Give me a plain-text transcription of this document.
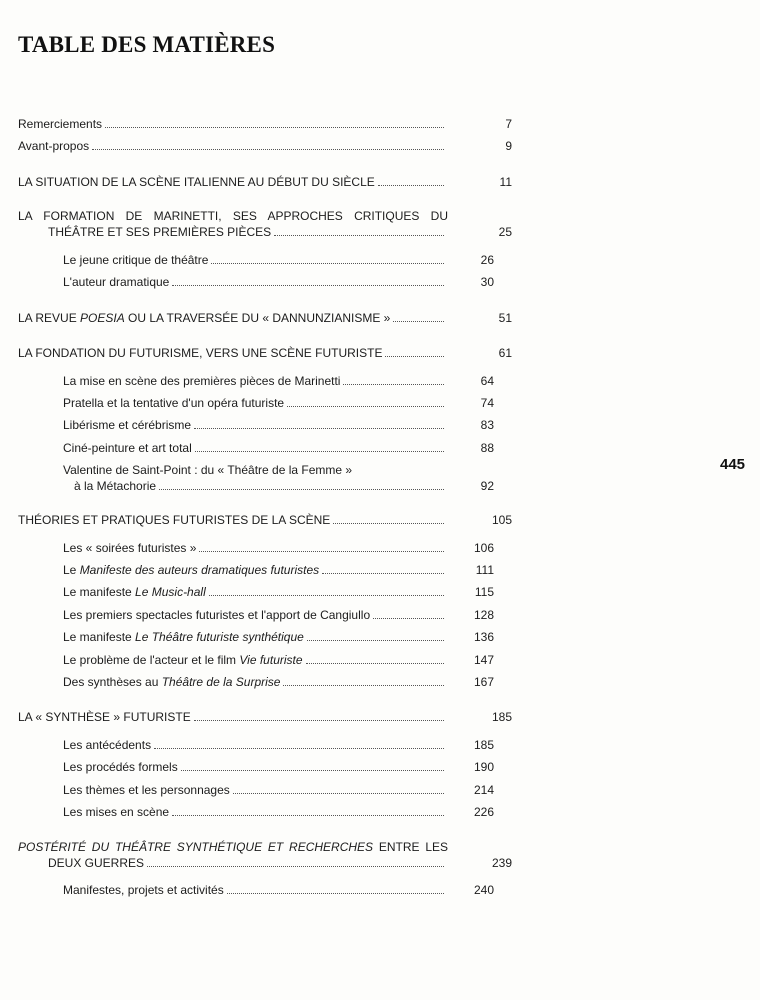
TABLE DES MATIÈRES
445
Remerciements	7
Avant-propos	9
LA SITUATION DE LA SCÈNE ITALIENNE AU DÉBUT DU SIÈCLE	11
LA FORMATION DE MARINETTI, SES APPROCHES CRITIQUES DU
THÉÂTRE ET SES PREMIÈRES PIÈCES	25
Le jeune critique de théâtre	26
L'auteur dramatique	30
LA REVUE POESIA OU LA TRAVERSÉE DU « DANNUNZIANISME »	51
LA FONDATION DU FUTURISME, VERS UNE SCÈNE FUTURISTE	61
La mise en scène des premières pièces de Marinetti	64
Pratella et la tentative d'un opéra futuriste	74
Libérisme et cérébrisme	83
Ciné-peinture et art total	88
Valentine de Saint-Point : du « Théâtre de la Femme »
à la Métachorie	92
THÉORIES ET PRATIQUES FUTURISTES DE LA SCÈNE	105
Les « soirées futuristes »	106
Le Manifeste des auteurs dramatiques futuristes	111
Le manifeste Le Music-hall	115
Les premiers spectacles futuristes et l'apport de Cangiullo	128
Le manifeste Le Théâtre futuriste synthétique	136
Le problème de l'acteur et le film Vie futuriste	147
Des synthèses au Théâtre de la Surprise	167
LA « SYNTHÈSE » FUTURISTE	185
Les antécédents	185
Les procédés formels	190
Les thèmes et les personnages	214
Les mises en scène	226
POSTÉRITÉ DU THÉÂTRE SYNTHÉTIQUE ET RECHERCHES ENTRE LES
DEUX GUERRES	239
Manifestes, projets et activités	240
